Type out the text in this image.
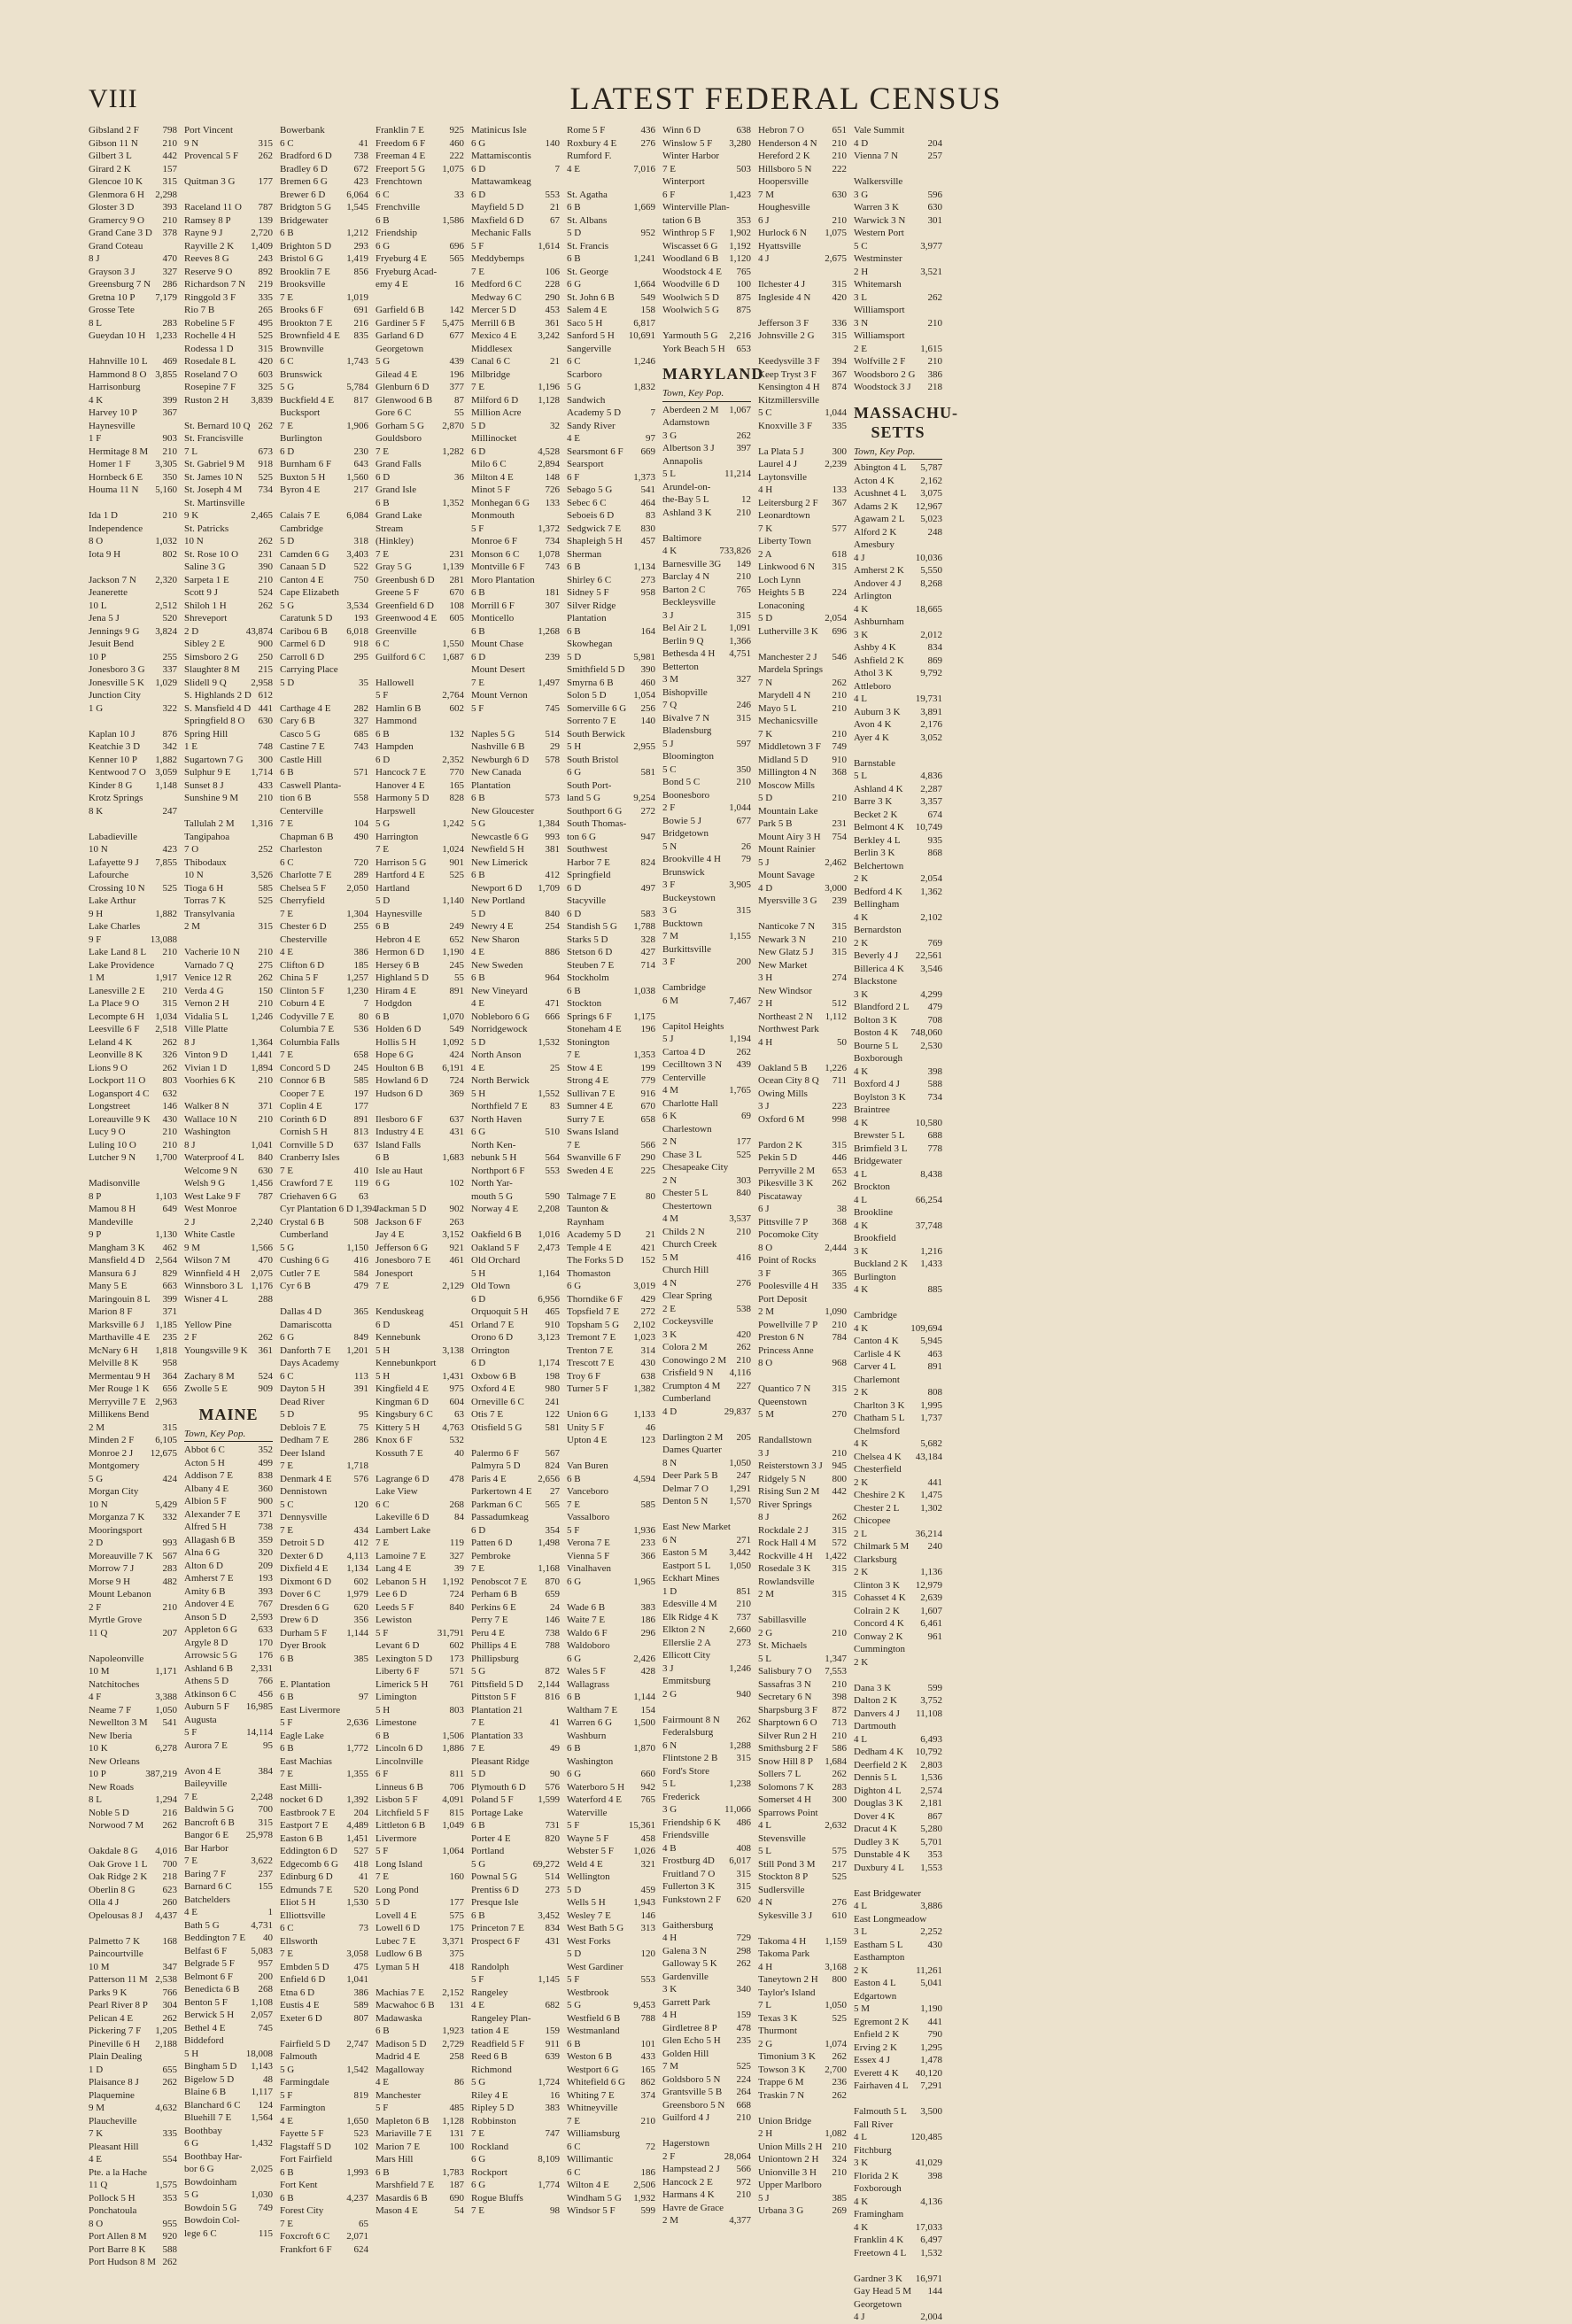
VIII	LATEST FEDERAL CENSUS
Gibsland 2 F 798
Gibson 11 N	210
Gilbert 3 L	442
Girard 2 K	157
Glencoe 10 K 315
Glenmora 6 H 2,298
Gloster 3 D	393
Gramercy 9 O 210
Grand Cane 3 D 378
Grand Coteau
8 J	470
Grayson 3 J	327
Greensburg 7 N 286
Gretna 10 P 7,179
Grosse Tete
8 L	283
Gueydan 10 H 1,233

Hahnville 10 L 469
Hammond 8 O 3,855
Harrisonburg
4 K	399
Harvey 10 P	367
Haynesville
1 F	903
Hermitage 8 M 210
Homer 1 F	3,305
Hornbeck 6 E 350
Houma 11 N 5,160

Ida 1 D	210
Independence
8 O	1,032
Iota 9 H	802

Jackson 7 N 2,320
Jeanerette
10 L	2,512
Jena 5 J	520
Jennings 9 G 3,824
Jesuit Bend
10 P	255
Jonesboro 3 G 337
Jonesville 5 K 1,029
Junction City
1 G	322

Kaplan 10 J	876
Keatchie 3 D 342
Kenner 10 P 1,882
Kentwood 7 O 3,059
Kinder 8 G 1,148
Krotz Springs
8 K	247

Labadieville
10 N	423
Lafayette 9 J 7,855
Lafourche
Crossing 10 N 525
Lake Arthur
9 H	1,882
Lake Charles
9 F	13,088
Lake Land 8 L 210
Lake Providence
1 M	1,917
Lanesville 2 E 210
La Place 9 O 315
Lecompte 6 H 1,034
Leesville 6 F 2,518
Leland 4 K	262
Leonville 8 K 326
Lions 9 O	262
Lockport 11 O 803
Logansport 4 C 632
Longstreet	146
Loreauville 9 K 430
Lucy 9 O	210
Luling 10 O	210
Lutcher 9 N 1,700

Madisonville
8 P	1,103
Mamou 8 H	649
Mandeville
9 P	1,130
Mangham 3 K 462
Mansfield 4 D 2,564
Mansura 6 J	829
Many 5 E	663
Maringouin 8 L 399
Marion 8 F	371
Marksville 6 J 1,185
Marthaville 4 E 235
McNary 6 H 1,818
Melville 8 K 958
Mermentau 9 H 364
Mer Rouge 1 K 656
Merryville 7 E 2,963
Millikens Bend
2 M	315
Minden 2 F 6,105
Monroe 2 J 12,675
Montgomery
5 G	424
Morgan City
10 N	5,429
Morganza 7 K 332
Mooringsport
2 D	993
Moreauville 7 K 567
Morrow 7 J	283
Morse 9 H	482
Mount Lebanon
2 F	210
Myrtle Grove
11 Q	207

Napoleonville
10 M	1,171
Natchitoches
4 F	3,388
Neame 7 F 1,050
Newellton 3 M 541
New Iberia
10 K	6,278
New Orleans
10 P	387,219
New Roads
8 L	1,294
Noble 5 D	216
Norwood 7 M 262

Oakdale 8 G 4,016
Oak Grove 1 L 700
Oak Ridge 2 K 218
Oberlin 8 G	623
Olla 4 J	260
Opelousas 8 J 4,437

Palmetto 7 K 168
Paincourtville
10 M	347
Patterson 11 M 2,538
Parks 9 K	766
Pearl River 8 P 304
Pelican 4 E	262
Pickering 7 F 1,205
Pineville 6 H 2,188
Plain Dealing
1 D	655
Plaisance 8 J 262
Plaquemine
9 M	4,632
Plaucheville
7 K	335
Pleasant Hill
4 E	554
Pte. a la Hache
11 Q	1,575
Pollock 5 H	353
Ponchatoula
8 O	955
Port Allen 8 M 920
Port Barre 8 K 588
Port Hudson 8 M 262
Port Vincent
9 N	315
Provencal 5 F 262

Quitman 3 G 177

Raceland 11 O 787
Ramsey 8 P	139
Rayne 9 J	2,720
Rayville 2 K 1,409
Reeves 8 G	243
Reserve 9 O	892
Richardson 7 N 219
Ringgold 3 F 335
Rio 7 B	265
Robeline 5 F 495
Rochelle 4 H 525
Rodessa 1 D	315
Rosedale 8 L 420
Roseland 7 O 603
Rosepine 7 F 325
Ruston 2 H 3,839

St. Bernard 10 Q 262
St. Francisville
7 L	673
St. Gabriel 9 M 918
St. James 10 N 525
St. Joseph 4 M 734
St. Martinsville
9 K	2,465
St. Patricks
10 N	262
St. Rose 10 O 231
Saline 3 G	390
Sarpeta 1 E	210
Scott 9 J	524
Shiloh 1 H	262
Shreveport
2 D	43,874
Sibley 2 E	900
Simsboro 2 G 250
Slaughter 8 M 215
Slidell 9 Q	2,958
S. Highlands 2 D 612
S. Mansfield 4 D 441
Springfield 8 O 630
Spring Hill
1 E	748
Sugartown 7 G 300
Sulphur 9 E 1,714
Sunset 8 J	433
Sunshine 9 M 210

Tallulah 2 M 1,316
Tangipahoa
7 O	252
Thibodaux
10 N	3,526
Tioga 6 H	585
Torras 7 K	525
Transylvania
2 M	315

Vacherie 10 N 210
Varnado 7 Q	275
Venice 12 R	262
Verda 4 G	150
Vernon 2 H	210
Vidalia 5 L 1,246
Ville Platte
8 J	1,364
Vinton 9 D 1,441
Vivian 1 D 1,894
Voorhies 6 K 210

Walker 8 N	371
Wallace 10 N 210
Washington
8 J	1,041
Waterproof 4 L 840
Welcome 9 N 630
Welsh 9 G	1,456
West Lake 9 F 787
West Monroe
2 J	2,240
White Castle
9 M	1,566
Wilson 7 M	470
Winnfield 4 H 2,075
Winnsboro 3 L 1,176
Wisner 4 L	288

Yellow Pine
2 F	262
Youngsville 9 K 361

Zachary 8 M 524
Zwolle 5 E	909
MAINE
Town, Key Pop.
Abbot 6 C	352
Acton 5 H	499
Addison 7 E	838
Albany 4 E	360
Albion 5 F	900
Alexander 7 E 371
Alfred 5 H	738
Allagash 6 B 359
Alna 6 G	320
Alton 6 D	209
Amherst 7 E	193
Amity 6 B	393
Andover 4 E 767
Anson 5 D	2,593
Appleton 6 G 633
Argyle 8 D	170
Arrowsic 5 G 176
Ashland 6 B 2,331
Athens 5 D	766
Atkinson 6 C 456
Auburn 5 F 16,985
Augusta
5 F	14,114
Aurora 7 E	95

Avon 4 E	384
Baileyville
7 E	2,248
Baldwin 5 G 700
Bancroft 6 B 315
Bangor 6 E 25,978
Bar Harbor
7 E	3,622
Baring 7 F	237
Barnard 6 C	155
Batchelders
4 E	1
Bath 5 G	4,731
Beddington 7 E 40
Belfast 6 F 5,083
Belgrade 5 F 957
Belmont 6 F	200
Benedicta 6 B 268
Benton 5 F 1,108
Berwick 5 H 2,057
Bethel 4 E	745
Biddeford
5 H	18,008
Bingham 5 D 1,143
Bigelow 5 D	48
Blaine 6 B	1,117
Blanchard 6 C 124
Bluehill 7 E 1,564
Boothbay
6 G	1,432
Boothbay Har-
bor 6 G	2,025
Bowdoinham
5 G	1,030
Bowdoin 5 G 749
Bowdoin Col-
lege 6 C	115
Bowerbank
6 C	41
Bradford 6 D 738
Bradley 6 D	672
Bremen 6 G	423
Brewer 6 D 6,064
Bridgton 5 G 1,545
Bridgewater
6 B	1,212
Brighton 5 D 293
Bristol 6 G 1,419
Brooklin 7 E 856
Brooksville
7 E	1,019
Brooks 6 F	691
Brookton 7 E 216
Brownfield 4 E 835
Brownville
6 C	1,743
Brunswick
5 G	5,784
Buckfield 4 E 817
Bucksport
7 E	1,906
Burlington
6 D	230
Burnham 6 F 643
Buxton 5 H 1,560
Byron 4 E	217

Calais 7 E	6,084
Cambridge
5 D	318
Camden 6 G 3,403
Canaan 5 D	522
Canton 4 E	750
Cape Elizabeth
5 G	3,534
Caratunk 5 D 193
Caribou 6 B 6,018
Carmel 6 D	918
Carroll 6 D	295
Carrying Place
5 D	35

Carthage 4 E 282
Cary 6 B	327
Casco 5 G	685
Castine 7 E	743
Castle Hill
6 B	571
Caswell Planta-
tion 6 B	558
Centerville
7 E	104
Chapman 6 B 490
Charleston
6 C	720
Charlotte 7 E 289
Chelsea 5 F 2,050
Cherryfield
7 E	1,304
Chester 6 D	255
Chesterville
4 E	386
Clifton 6 D	185
China 5 F	1,257
Clinton 5 F 1,230
Coburn 4 E	7
Codyville 7 E	80
Columbia 7 E 536
Columbia Falls
7 E	658
Concord 5 D 245
Connor 6 B	585
Cooper 7 E	197
Coplin 4 E	177
Corinth 6 D	891
Cornish 5 H	813
Cornville 5 D 637
Cranberry Isles
7 E	410
Crawford 7 E 119
Criehaven 6 G 63
Cyr Plantation 6 D 1,394
Crystal 6 B	508
Cumberland
5 G	1,150
Cushing 6 G	416
Cutler 7 E	584
Cyr 6 B	479

Dallas 4 D	365
Damariscotta
6 G	849
Danforth 7 E 1,201
Days Academy
6 C	113
Dayton 5 H	391
Dead River
5 D	95
Deblois 7 E	75
Dedham 7 E	286
Deer Island
7 E	1,718
Denmark 4 E 576
Dennistown
5 C	120
Dennysville
7 E	434
Detroit 5 D	412
Dexter 6 D 4,113
Dixfield 4 E 1,134
Dixmont 6 D 602
Dover 6 C	1,979
Dresden 6 G	620
Drew 6 D	356
Durham 5 F 1,144
Dyer Brook
6 B	385

E. Plantation
6 B	97
East Livermore
5 F	2,636
Eagle Lake
6 B	1,772
East Machias
7 E	1,355
East Milli-
nocket 6 D 1,392
Eastbrook 7 E 204
Eastport 7 E 4,489
Easton 6 B 1,451
Eddington 6 D 527
Edgecomb 6 G 418
Edinburg 6 D	41
Edmunds 7 E 520
Eliot 5 H	1,530
Elliottsville
6 C	73
Ellsworth
7 E	3,058
Embden 5 D	475
Enfield 6 D 1,041
Etna 6 D	386
Eustis 4 E	589
Exeter 6 D	807

Fairfield 5 D 2,747
Falmouth
5 G	1,542
Farmingdale
5 F	819
Farmington
4 E	1,650
Fayette 5 F	523
Flagstaff 5 D 102
Fort Fairfield
6 B	1,993
Fort Kent
6 B	4,237
Forest City
7 E	65
Foxcroft 6 C 2,071
Frankfort 6 F 624
Franklin 7 E	925
Freedom 6 F 460
Freeman 4 E 222
Freeport 5 G 1,075
Frenchtown
6 C	33
Frenchville
6 B	1,586
Friendship
6 G	696
Fryeburg 4 E 565
Fryeburg Acad-
emy 4 E	16

Garfield 6 B	142
Gardiner 5 F 5,475
Garland 6 D	677
Georgetown
5 G	439
Gilead 4 E	196
Glenburn 6 D 377
Glenwood 6 B 87
Gore 6 C	55
Gorham 5 G 2,870
Gouldsboro
7 E	1,282
Grand Falls
6 D	36
Grand Isle
6 B	1,352
Grand Lake
Stream
(Hinkley)
7 E	231
Gray 5 G	1,139
Greenbush 6 D 281
Greene 5 F	670
Greenfield 6 D 108
Greenwood 4 E 605
Greenville
6 C	1,550
Guilford 6 C 1,687

Hallowell
5 F	2,764
Hamlin 6 B	602
Hammond
6 B	132
Hampden
6 D	2,352
Hancock 7 E 770
Hanover 4 E	165
Harmony 5 D 828
Harpswell
5 G	1,242
Harrington
7 E	1,024
Harrison 5 G 901
Hartford 4 E	525
Hartland
5 D	1,140
Haynesville
6 B	249
Hebron 4 E	652
Hermon 6 D 1,190
Hersey 6 B	245
Highland 5 D	55
Hiram 4 E	891
Hodgdon
6 B	1,070
Holden 6 D	549
Hollis 5 H	1,092
Hope 6 G	424
Houlton 6 B 6,191
Howland 6 D 724
Hudson 6 D	369

Ilesboro 6 F	637
Industry 4 E	431
Island Falls
6 B	1,683
Isle au Haut
6 G	102

Jackman 5 D 902
Jackson 6 F	263
Jay 4 E	3,152
Jefferson 6 G 921
Jonesboro 7 E 461
Jonesport
7 E	2,129

Kenduskeag
6 D	451
Kennebunk
5 H	3,138
Kennebunkport
5 H	1,431
Kingfield 4 E 975
Kingman 6 D 604
Kingsbury 6 C 63
Kittery 5 H 4,763
Knox 6 F	532
Kossuth 7 E	40

Lagrange 6 D 478
Lake View
6 C	268
Lakeville 6 D	84
Lambert Lake
7 E	119
Lamoine 7 E 327
Lang 4 E	39
Lebanon 5 H 1,192
Lee 6 D	724
Leeds 5 F	840
Lewiston
5 F	31,791
Levant 6 D	602
Lexington 5 D 173
Liberty 6 F	571
Limerick 5 H 761
Limington
5 H	803
Limestone
6 B	1,506
Lincoln 6 D 1,886
Lincolnville
6 F	811
Linneus 6 B	706
Lisbon 5 F	4,091
Litchfield 5 F 815
Littleton 6 B 1,049
Livermore
5 F	1,064
Long Island
7 E	160
Long Pond
5 D	177
Lovell 4 E	575
Lowell 6 D	175
Lubec 7 E	3,371
Ludlow 6 B	375
Lyman 5 H	418

Machias 7 E 2,152
Macwahoc 6 B 131
Madawaska
6 B	1,923
Madison 5 D 2,729
Madrid 4 E	258
Magalloway
4 E	86
Manchester
5 F	485
Mapleton 6 B 1,128
Mariaville 7 E 131
Marion 7 E	100
Mars Hill
6 B	1,783
Marshfield 7 E 187
Masardis 6 B 690
Mason 4 E	54
Matinicus Isle
6 G	140
Mattamiscontis
6 D	7
Mattawamkeag
6 D	553
Mayfield 5 D	21
Maxfield 6 D	67
Mechanic Falls
5 F	1,614
Meddybemps
7 E	106
Medford 6 C 228
Medway 6 C 290
Mercer 5 D	453
Merrill 6 B	361
Mexico 4 E 3,242
Middlesex
Canal 6 C	21
Milbridge
7 E	1,196
Milford 6 D 1,128
Million Acre
5 D	32
Millinocket
6 D	4,528
Milo 6 C	2,894
Milton 4 E	148
Minot 5 F	726
Monhegan 6 G 133
Monmouth
5 F	1,372
Monroe 6 F	734
Monson 6 C 1,078
Montville 6 F 743
Moro Plantation
6 B	181
Morrill 6 F	307
Monticello
6 B	1,268
Mount Chase
6 D	239
Mount Desert
7 E	1,497
Mount Vernon
5 F	745

Naples 5 G	514
Nashville 6 B	29
Newburgh 6 D 578
New Canada
Plantation
6 B	573
New Gloucester
5 G	1,384
Newcastle 6 G 993
Newfield 5 H 381
New Limerick
6 B	412
Newport 6 D 1,709
New Portland
5 D	840
Newry 4 E	254
New Sharon
4 E	886
New Sweden
6 B	964
New Vineyard
4 E	471
Nobleboro 6 G 666
Norridgewock
5 D	1,532
North Anson
4 E	25
North Berwick
5 H	1,552
Northfield 7 E 83
North Haven
6 G	510
North Ken-
nebunk 5 H	564
Northport 6 F 553
North Yar-
mouth 5 G	590
Norway 4 E 2,208

Oakfield 6 B 1,016
Oakland 5 F 2,473
Old Orchard
5 H	1,164
Old Town
6 D	6,956
Orquoquit 5 H 465
Orland 7 E	910
Orono 6 D	3,123
Orrington
6 D	1,174
Oxbow 6 B	198
Oxford 4 E	980
Orneville 6 C 241
Otis 7 E	122
Otisfield 5 G 581

Palermo 6 F	567
Palmyra 5 D	824
Paris 4 E	2,656
Parkertown 4 E 27
Parkman 6 C 565
Passadumkeag
6 D	354
Patten 6 D	1,498
Pembroke
7 E	1,168
Penobscot 7 E 870
Perham 6 B	659
Perkins 6 E	24
Perry 7 E	146
Peru 4 E	738
Phillips 4 E	788
Phillipsburg
5 G	872
Pittsfield 5 D 2,144
Pittston 5 F	816
Plantation 21
7 E	41
Plantation 33
7 E	49
Pleasant Ridge
5 D	90
Plymouth 6 D 576
Poland 5 F	1,599
Portage Lake
6 B	731
Porter 4 E	820
Portland
5 G	69,272
Pownal 5 G	514
Prentiss 6 D	273
Presque Isle
6 B	3,452
Princeton 7 E 834
Prospect 6 F	431

Randolph
5 F	1,145
Rangeley
4 E	682
Rangeley Plan-
tation 4 E	159
Readfield 5 F 911
Reed 6 B	639
Richmond
5 G	1,724
Riley 4 E	16
Ripley 5 D	383
Robbinston
7 E	747
Rockland
6 G	8,109
Rockport
6 G	1,774
Rogue Bluffs
7 E	98
Rome 5 F	436
Roxbury 4 E 276
Rumford F.
4 E	7,016

St. Agatha
6 B	1,669
St. Albans
5 D	952
St. Francis
6 B	1,241
St. George
6 G	1,664
St. John 6 B	549
Salem 4 E	158
Saco 5 H	6,817
Sanford 5 H 10,691
Sangerville
6 C	1,246
Scarboro
5 G	1,832
Sandwich
Academy 5 D	7
Sandy River
4 E	97
Searsmont 6 F 669
Searsport
6 F	1,373
Sebago 5 G	541
Sebec 6 C	464
Seboeis 6 D	83
Sedgwick 7 E 830
Shapleigh 5 H 457
Sherman
6 B	1,134
Shirley 6 C	273
Sidney 5 F	958
Silver Ridge
Plantation
6 B	164
Skowhegan
5 D	5,981
Smithfield 5 D 390
Smyrna 6 B	460
Solon 5 D	1,054
Somerville 6 G 256
Sorrento 7 E	140
South Berwick
5 H	2,955
South Bristol
6 G	581
South Port-
land 5 G	9,254
Southport 6 G 272
South Thomas-
ton 6 G	947
Southwest
Harbor 7 E	824
Springfield
6 D	497
Stacyville
6 D	583
Standish 5 G 1,788
Starks 5 D	328
Stetson 6 D	427
Steuben 7 E	714
Stockholm
6 B	1,038
Stockton
Springs 6 F 1,175
Stoneham 4 E 196
Stonington
7 E	1,353
Stow 4 E	199
Strong 4 E	779
Sullivan 7 E	916
Sumner 4 E	670
Surry 7 E	658
Swans Island
7 E	566
Swanville 6 F 290
Sweden 4 E	225

Talmage 7 E	80
Taunton &
Raynham
Academy 5 D	21
Temple 4 E	421
The Forks 5 D 152
Thomaston
6 G	3,019
Thorndike 6 F 429
Topsfield 7 E 272
Topsham 5 G 2,102
Tremont 7 E 1,023
Trenton 7 E	314
Trescott 7 E	430
Troy 6 F	638
Turner 5 F	1,382

Union 6 G	1,133
Unity 5 F	46
Upton 4 E	123

Van Buren
6 B	4,594
Vanceboro
7 E	585
Vassalboro
5 F	1,936
Verona 7 E	233
Vienna 5 F	366
Vinalhaven
6 G	1,965

Wade 6 B	383
Waite 7 E	186
Waldo 6 F	296
Waldoboro
6 G	2,426
Wales 5 F	428
Wallagrass
6 B	1,144
Waltham 7 E 154
Warren 6 G 1,500
Washburn
6 B	1,870
Washington
6 G	660
Waterboro 5 H 942
Waterford 4 E 765
Waterville
5 F	15,361
Wayne 5 F	458
Webster 5 F 1,026
Weld 4 E	321
Wellington
5 D	459
Wells 5 H	1,943
Wesley 7 E	146
West Bath 5 G 313
West Forks
5 D	120
West Gardiner
5 F	553
Westbrook
5 G	9,453
Westfield 6 B 788
Westmanland
6 B	101
Weston 6 B	433
Westport 6 G 165
Whitefield 6 G 862
Whiting 7 E	374
Whitneyville
7 E	210
Williamsburg
6 C	72
Willimantic
6 C	186
Wilton 4 E 2,506
Windham 5 G 1,932
Windsor 5 F	599
Winn 6 D	638
Winslow 5 F 3,280
Winter Harbor
7 E	503
Winterport
6 F	1,423
Winterville Plan-
tation 6 B	353
Winthrop 5 F 1,902
Wiscasset 6 G 1,192
Woodland 6 B 1,120
Woodstock 4 E 765
Woodville 6 D 100
Woolwich 5 D 875
Woolwich 5 G 875

Yarmouth 5 G 2,216
York Beach 5 H 653
MARYLAND
Town, Key Pop.
Aberdeen 2 M 1,067
Adamstown
3 G	262
Albertson 3 J 397
Annapolis
5 L	11,214
Arundel-on-
the-Bay 5 L	12
Ashland 3 K	210

Baltimore
4 K	733,826
Barnesville 3G 149
Barclay 4 N	210
Barton 2 C	765
Beckleysville
3 J	315
Bel Air 2 L 1,091
Berlin 9 Q	1,366
Bethesda 4 H 4,751
Betterton
3 M	327
Bishopville
7 Q	246
Bivalve 7 N	315
Bladensburg
5 J	597
Bloomington
5 C	350
Bond 5 C	210
Boonesboro
2 F	1,044
Bowie 5 J	677
Bridgetown
5 N	26
Brookville 4 H 79
Brunswick
3 F	3,905
Buckeystown
3 G	315
Bucktown
7 M	1,155
Burkittsville
3 F	200

Cambridge
6 M	7,467

Capitol Heights
5 J	1,194
Cartoa 4 D	262
Cecilltown 3 N 439
Centerville
4 M	1,765
Charlotte Hall
6 K	69
Charlestown
2 N	177
Chase 3 L	525
Chesapeake City
2 N	303
Chester 5 L	840
Chestertown
4 M	3,537
Childs 2 N	210
Church Creek
5 M	416
Church Hill
4 N	276
Clear Spring
2 E	538
Cockeysville
3 K	420
Colora 2 M	262
Conowingo 2 M 210
Crisfield 9 N 4,116
Crumpton 4 M 227
Cumberland
4 D	29,837

Darlington 2 M 205
Dames Quarter
8 N	1,050
Deer Park 5 B 247
Delmar 7 O 1,291
Denton 5 N 1,570

East New Market
6 N	271
Easton 5 M 3,442
Eastport 5 L 1,050
Eckhart Mines
1 D	851
Edesville 4 M 210
Elk Ridge 4 K 737
Elkton 2 N 2,660
Ellerslie 2 A	273
Ellicott City
3 J	1,246
Emmitsburg
2 G	940

Fairmount 8 N 262
Federalsburg
6 N	1,288
Flintstone 2 B 315
Ford's Store
5 L	1,238
Frederick
3 G	11,066
Friendship 6 K 486
Friendsville
4 B	408
Frostburg 4D 6,017
Fruitland 7 O 315
Fullerton 3 K 315
Funkstown 2 F 620

Gaithersburg
4 H	729
Galena 3 N	298
Galloway 5 K 262
Gardenville
3 K	340
Garrett Park
4 H	159
Girdletree 8 P 478
Glen Echo 5 H 235
Golden Hill
7 M	525
Goldsboro 5 N 224
Grantsville 5 B 264
Greensboro 5 N 668
Guilford 4 J	210

Hagerstown
2 F	28,064
Hampstead 2 J 566
Hancock 2 E 972
Harmans 4 K 210
Havre de Grace
2 M	4,377
Hebron 7 O	651
Henderson 4 N 210
Hereford 2 K 210
Hillsboro 5 N 222
Hoopersville
7 M	630
Houghesville
6 J	210
Hurlock 6 N 1,075
Hyattsville
4 J	2,675

Ilchester 4 J	315
Ingleside 4 N 420

Jefferson 3 F 336
Johnsville 2 G 315

Keedysville 3 F 394
Keep Tryst 3 F 367
Kensington 4 H 874
Kitzmillersville
5 C	1,044
Knoxville 3 F 335

La Plata 5 J	300
Laurel 4 J	2,239
Laytonsville
4 H	133
Leitersburg 2 F 367
Leonardtown
7 K	577
Liberty Town
2 A	618
Linkwood 6 N 315
Loch Lynn
Heights 5 B	224
Lonaconing
5 D	2,054
Lutherville 3 K 696

Manchester 2 J 546
Mardela Springs
7 N	262
Marydell 4 N 210
Mayo 5 L	210
Mechanicsville
7 K	210
Middletown 3 F 749
Midland 5 D 910
Millington 4 N 368
Moscow Mills
5 D	210
Mountain Lake
Park 5 B	231
Mount Airy 3 H 754
Mount Rainier
5 J	2,462
Mount Savage
4 D	3,000
Myersville 3 G 239

Nanticoke 7 N 315
Newark 3 N	210
New Glatz 5 J 315
New Market
3 H	274
New Windsor
2 H	512
Northeast 2 N 1,112
Northwest Park
4 H	50

Oakland 5 B 1,226
Ocean City 8 Q 711
Owing Mills
3 J	223
Oxford 6 M	998

Pardon 2 K	315
Pekin 5 D	446
Perryville 2 M 653
Pikesville 3 K 262
Piscataway
6 J	38
Pittsville 7 P 368
Pocomoke City
8 O	2,444
Point of Rocks
3 F	365
Poolesville 4 H 335
Port Deposit
2 M	1,090
Powellville 7 P 210
Preston 6 N	784
Princess Anne
8 O	968

Quantico 7 N 315
Queenstown
5 M	270

Randallstown
3 J	210
Reisterstown 3 J 945
Ridgely 5 N	800
Rising Sun 2 M 442
River Springs
8 J	262
Rockdale 2 J 315
Rock Hall 4 M 572
Rockville 4 H 1,422
Rosedale 3 K 315
Rowlandsville
2 M	315

Sabillasville
2 G	210
St. Michaels
5 L	1,347
Salisbury 7 O 7,553
Sassafras 3 N 210
Secretary 6 N 398
Sharpsburg 3 F 872
Sharptown 6 O 713
Silver Run 2 H 210
Smithsburg 2 F 586
Snow Hill 8 P 1,684
Sollers 7 L	262
Solomons 7 K 283
Somerset 4 H 300
Sparrows Point
4 L	2,632
Stevensville
5 L	575
Still Pond 3 M 217
Stockton 8 P 525
Sudlersville
4 N	276
Sykesville 3 J 610

Takoma 4 H 1,159
Takoma Park
4 H	3,168
Taneytown 2 H 800
Taylor's Island
7 L	1,050
Texas 3 K	525
Thurmont
2 G	1,074
Timonium 3 K 262
Towson 3 K 2,700
Trappe 6 M	236
Traskin 7 N	262

Union Bridge
2 H	1,082
Union Mills 2 H 210
Uniontown 2 H 324
Unionville 3 H 210
Upper Marlboro
5 J	385
Urbana 3 G	269
Vale Summit
4 D	204
Vienna 7 N	257

Walkersville
3 G	596
Warren 3 K	630
Warwick 3 N 301
Western Port
5 C	3,977
Westminster
2 H	3,521
Whitemarsh
3 L	262
Williamsport
3 N	210
Williamsport
2 E	1,615
Wolfville 2 F 210
Woodsboro 2 G 386
Woodstock 3 J 218
MASSACHU-
SETTS
Town, Key Pop.
Abington 4 L 5,787
Acton 4 K	2,162
Acushnet 4 L 3,075
Adams 2 K 12,967
Agawam 2 L 5,023
Alford 2 K	248
Amesbury
4 J	10,036
Amherst 2 K 5,550
Andover 4 J 8,268
Arlington
4 K	18,665
Ashburnham
3 K	2,012
Ashby 4 K	834
Ashfield 2 K 869
Athol 3 K	9,792
Attleboro
4 L	19,731
Auburn 3 K 3,891
Avon 4 K	2,176
Ayer 4 K	3,052

Barnstable
5 L	4,836
Ashland 4 K 2,287
Barre 3 K	3,357
Becket 2 K	674
Belmont 4 K 10,749
Berkley 4 L	935
Berlin 3 K	868
Belchertown
2 K	2,054
Bedford 4 K 1,362
Bellingham
4 K	2,102
Bernardston
2 K	769
Beverly 4 J 22,561
Billerica 4 K 3,546
Blackstone
3 K	4,299
Blandford 2 L 479
Bolton 3 K	708
Boston 4 K 748,060
Bourne 5 L 2,530
Boxborough
4 K	398
Boxford 4 J	588
Boylston 3 K 734
Braintree
4 K	10,580
Brewster 5 L 688
Brimfield 3 L 778
Bridgewater
4 L	8,438
Brockton
4 L	66,254
Brookline
4 K	37,748
Brookfield
3 K	1,216
Buckland 2 K 1,433
Burlington
4 K	885

Cambridge
4 K	109,694
Canton 4 K 5,945
Carlisle 4 K	463
Carver 4 L	891
Charlemont
2 K	808
Charlton 3 K 1,995
Chatham 5 L 1,737
Chelmsford
4 K	5,682
Chelsea 4 K 43,184
Chesterfield
2 K	441
Cheshire 2 K 1,475
Chester 2 L 1,302
Chicopee
2 L	36,214
Chilmark 5 M 240
Clarksburg
2 K	1,136
Clinton 3 K 12,979
Cohasset 4 K 2,639
Colrain 2 K 1,607
Concord 4 K 6,461
Conway 2 K	961
Cummington
2 K

Dana 3 K	599
Dalton 2 K 3,752
Danvers 4 J 11,108
Dartmouth
4 L	6,493
Dedham 4 K 10,792
Deerfield 2 K 2,803
Dennis 5 L 1,536
Dighton 4 L 2,574
Douglas 3 K 2,181
Dover 4 K	867
Dracut 4 K 5,280
Dudley 3 K 5,701
Dunstable 4 K 353
Duxbury 4 L 1,553

East Bridgewater
4 L	3,886
East Longmeadow
3 L	2,252
Eastham 5 L	430
Easthampton
2 K	11,261
Easton 4 L	5,041
Edgartown
5 M	1,190
Egremont 2 K 441
Enfield 2 K	790
Erving 2 K 1,295
Essex 4 J	1,478
Everett 4 K 40,120
Fairhaven 4 L 7,291

Falmouth 5 L 3,500
Fall River
4 L	120,485
Fitchburg
3 K	41,029
Florida 2 K	398
Foxborough
4 K	4,136
Framingham
4 K	17,033
Franklin 4 K 6,497
Freetown 4 L 1,532

Gardner 3 K 16,971
Gay Head 5 M 144
Georgetown
4 J	2,004
